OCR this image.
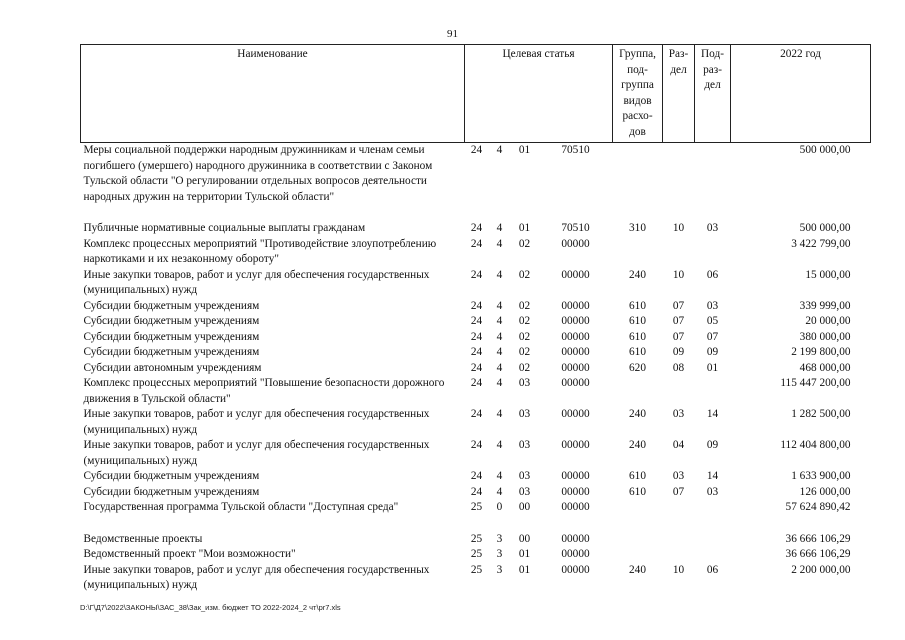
91
Наименование	Целевая статья				Группа, под-группа видов расхо-дов	Раз-дел	Под-раз-дел	2022 год
Меры социальной поддержки народным дружинникам и членам семьи погибшего (умершего) народного дружинника в соответствии с Законом Тульской области "О регулировании отдельных вопросов деятельности народных дружин на территории Тульской области"	24	4	01	70510				500 000,00

Публичные нормативные социальные выплаты гражданам	24	4	01	70510	310	10	03	500 000,00
Комплекс процессных мероприятий "Противодействие злоупотреблению наркотиками и их незаконному обороту"	24	4	02	00000				3 422 799,00
Иные закупки товаров, работ и услуг для обеспечения государственных (муниципальных) нужд	24	4	02	00000	240	10	06	15 000,00
Субсидии бюджетным учреждениям	24	4	02	00000	610	07	03	339 999,00
Субсидии бюджетным учреждениям	24	4	02	00000	610	07	05	20 000,00
Субсидии бюджетным учреждениям	24	4	02	00000	610	07	07	380 000,00
Субсидии бюджетным учреждениям	24	4	02	00000	610	09	09	2 199 800,00
Субсидии автономным учреждениям	24	4	02	00000	620	08	01	468 000,00
Комплекс процессных мероприятий "Повышение безопасности дорожного движения в Тульской области"	24	4	03	00000				115 447 200,00
Иные закупки товаров, работ и услуг для обеспечения государственных (муниципальных) нужд	24	4	03	00000	240	03	14	1 282 500,00
Иные закупки товаров, работ и услуг для обеспечения государственных (муниципальных) нужд	24	4	03	00000	240	04	09	112 404 800,00
Субсидии бюджетным учреждениям	24	4	03	00000	610	03	14	1 633 900,00
Субсидии бюджетным учреждениям	24	4	03	00000	610	07	03	126 000,00
Государственная программа Тульской области "Доступная среда"	25	0	00	00000				57 624 890,42

Ведомственные проекты	25	3	00	00000				36 666 106,29
Ведомственный проект "Мои возможности"	25	3	01	00000				36 666 106,29
Иные закупки товаров, работ и услуг для обеспечения государственных (муниципальных) нужд	25	3	01	00000	240	10	06	2 200 000,00
D:\Г\Д7\2022\ЗАКОНЫ\ЗАС_38\Зак_изм. бюджет ТО 2022-2024_2 чт\pr7.xls
